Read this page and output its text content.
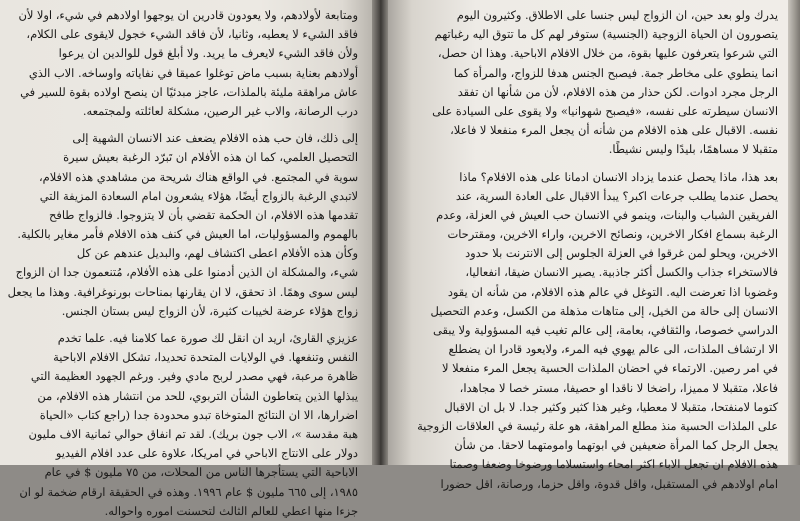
ومتابعة لأولادهم، ولا يعودون قادرين ان يوجهوا اولادهم في شيء، اولا لأن
فاقد الشيء لا يعطيه، وثانيا، لأن فاقد الشيء خجول لايقوى على الكلام،
ولأن فاقد الشيء لايعرف ما يريد. ولا أبلغ قول للوالدين ان يرعوا
أولادهم بعناية بسبب ماض توغلوا عميقا في نفاياته واوساخه. الاب الذي
عاش مراهقة مليئة بالملذات، عاجز مبدئيًا ان ينصح اولاده بقوة للسير في
درب الرصانة، والاب غير الرصين، مشكلة لعائلته ولمجتمعه.
إلى ذلك، فان حب هذه الافلام يضعف عند الانسان الشهية إلى
التحصيل العلمي، كما ان هذه الأفلام ان تَبرّد الرغبة بعيش سيرة
سوية في المجتمع. في الواقع هناك شريحة من مشاهدي هذه الافلام،
لاتبدي الرغبة بالزواج أيضًا، هؤلاء يشعرون امام السعادة المزيفة التي
تقدمها هذه الافلام، ان الحكمة تقضي بأن لا يتزوجوا. فالزواج طافح
بالهموم والمسؤوليات، اما العيش في كنف هذه الافلام فأمر مغاير بالكلية.
وكأن هذه الأفلام اعطى اكتشاف لهم، والبديل عندهم عن كل
شيء، والمشكلة ان الذين أدمنوا على هذه الأفلام، مُتنعمون جدا ان الزواج
ليس سوى وهمًا. اذ تحقق، لا ان يقارنها بمناحات بورنوغرافية. وهذا ما يجعل
زواج هؤلاء عرضة لخيبات كثيرة، لأن الزواج ليس بستان الجنس.
عزيزي القارئ، اريد ان انقل لك صورة عما كلامنا فيه. علما تخدم
النفس وتنفعها. في الولايات المتحدة تحديدا، تشكل الافلام الاباحية
ظاهرة مرعبة، فهي مصدر لربح مادي وفير. ورغم الجهود العظيمة التي
يبذلها الذين يتعاطون الشأن التربوي، للحد من انتشار هذه الافلام، من
اضرارها، الا ان النتائج المتوخاة تبدو محدودة جدا (راجع كتاب «الحياة
هبة مقدسة »، الاب جون بريك). لقد تم انفاق حوالي ثمانية الاف مليون
دولار على الانتاج الاباحي في امريكا، علاوة على عدد افلام الفيديو
الاباحية التي يستأجرها الناس من المحلات، من ٧٥ مليون $ في عام
١٩٨٥، إلى ٦٦٥ مليون $ عام ١٩٩٦. وهذه في الحقيقة ارقام ضخمة لو ان
جزءا منها اعطي للعالم الثالث لتحسنت اموره واحواله.
يدرك ولو بعد حين، ان الزواج ليس جنسا على الاطلاق. وكثيرون اليوم
يتصورون ان الحياة الزوجية (الجنسية) ستوفر لهم كل ما تتوق اليه رغباتهم
التي شرعوا يتعرفون عليها بقوة، من خلال الافلام الاباحية. وهذا ان حصل،
انما ينطوي على مخاطر جمة. فيصبح الجنس هدفا للزواج، والمرأة كما
الرجل مجرد ادوات. لكن حذار من هذه الافلام، لأن من شأنها ان تفقد
الانسان سيطرته على نفسه، «فيصبح شهوانيا» ولا يقوى على السيادة على
نفسه. الاقبال على هذه الافلام من شأنه أن يجعل المرء منفعلا لا فاعلا،
متقبلا لا مساهمًا، بليدًا وليس نشيطًا.
بعد هذا، ماذا يحصل عندما يزداد الانسان ادمانا على هذه الافلام؟ ماذا
يحصل عندما يطلب جرعات اكبر؟ يبدأ الاقبال على العادة السرية، عند
الفريقين الشباب والبنات، وينمو في الانسان حب العيش في العزلة، وعدم
الرغبة بسماع افكار الاخرين، ونصائح الاخرين، واراء الاخرين، ومقترحات
الاخرين، ويحلو لمن غرقوا في العزلة الجلوس إلى الانترنت بلا حدود
فالاستخراء جذاب والكسل أكثر جاذبية. يصير الانسان ضيقا، انفعاليا،
وغضوبا اذا تعرضت اليه. التوغل في عالم هذه الافلام، من شأنه ان يقود
الانسان إلى حالة من الخيل، إلى متاهات مذهلة من الكسل، وعدم التحصيل
الدراسي خصوصا، والثقافي، بعامة، إلى عالم تغيب فيه المسؤولية ولا يبقى
الا ارتشاف الملذات، الى عالم يهوي فيه المرء، ولايعود قادرا ان يضطلع
في امر رصين. الارتماء في احضان الملذات الحسية يجعل المرء منفعلا لا
فاعلا، متقبلا لا مميزا، راضخا لا ناقدا او حصيفا، مستر خصا لا مجاهدا،
كتوما لامنفتحا، متقبلا لا معطيا، وغير هذا كثير وكثير جدا. لا بل ان الاقبال
على الملذات الحسية منذ مطلع المراهقة، هو علة رئيسة في العلاقات الزوجية
يجعل الرجل كما المرأة ضعيفين في ابوتهما وامومتهما لاحقا. من شأن
هذه الافلام ان تجعل الاباء اكثر امحاء واستسلاما ورضوخا وضعفا وصمتا
امام اولادهم في المستقبل، واقل قدوة، واقل حزما، ورصانة، اقل حضورا
